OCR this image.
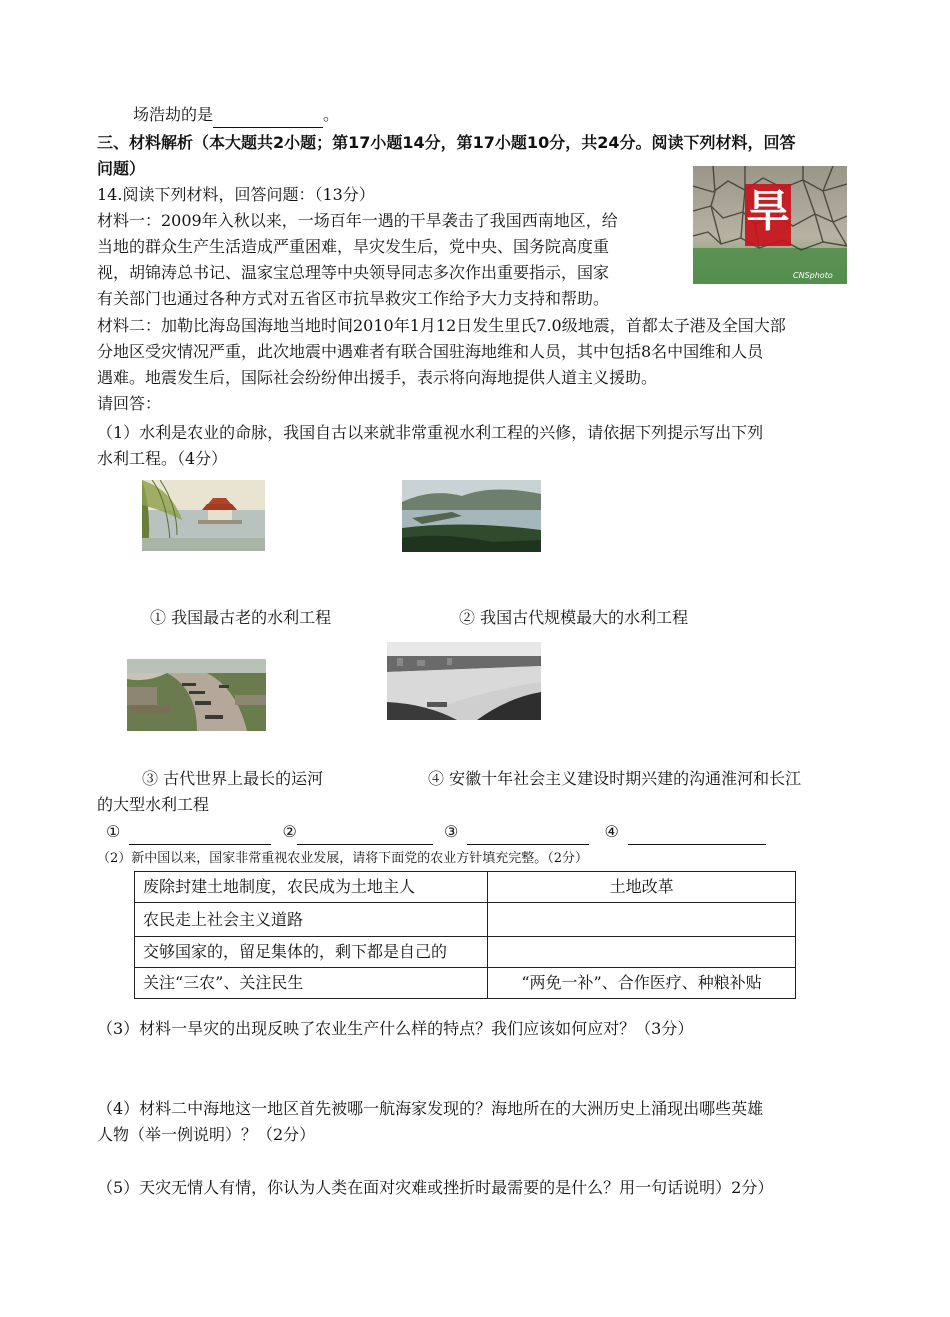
场浩劫的是	。
三、材料解析（本大题共2小题；第17小题14分，第17小题10分，共24分。阅读下列材料，回答
问题）
14.阅读下列材料，回答问题：（13分）
材料一：2009年入秋以来，一场百年一遇的干旱袭击了我国西南地区，给
当地的群众生产生活造成严重困难，旱灾发生后，党中央、国务院高度重
视，胡锦涛总书记、温家宝总理等中央领导同志多次作出重要指示，国家
有关部门也通过各种方式对五省区市抗旱救灾工作给予大力支持和帮助。
CNSphoto
旱
材料二：加勒比海岛国海地当地时间2010年1月12日发生里氏7.0级地震，首都太子港及全国大部
分地区受灾情况严重，此次地震中遇难者有联合国驻海地维和人员，其中包括8名中国维和人员
遇难。地震发生后，国际社会纷纷伸出援手，表示将向海地提供人道主义援助。
请回答：
（1）水利是农业的命脉，我国自古以来就非常重视水利工程的兴修，请依据下列提示写出下列
水利工程。（4分）
① 我国最古老的水利工程	② 我国古代规模最大的水利工程
③ 古代世界上最长的运河	④ 安徽十年社会主义建设时期兴建的沟通淮河和长江
的大型水利工程
①	②	③	④
（2）新中国以来，国家非常重视农业发展，请将下面党的农业方针填充完整。（2分）
废除封建土地制度，农民成为土地主人	土地改革
农民走上社会主义道路	
交够国家的，留足集体的，剩下都是自己的	
关注“三农”、关注民生	“两免一补”、合作医疗、种粮补贴
（3）材料一旱灾的出现反映了农业生产什么样的特点？我们应该如何应对？（3分）
（4）材料二中海地这一地区首先被哪一航海家发现的？海地所在的大洲历史上涌现出哪些英雄
人物（举一例说明）？（2分）
（5）天灾无情人有情，你认为人类在面对灾难或挫折时最需要的是什么？用一句话说明）2分）
